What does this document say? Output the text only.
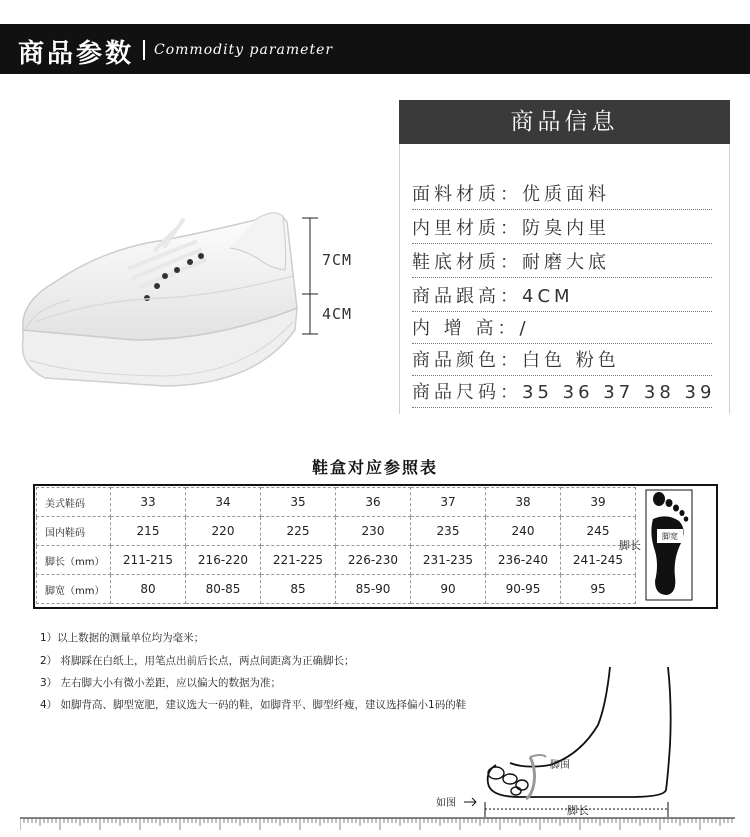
商品参数 Commodity parameter
7CM
4CM
商品信息
面料材质：优质面料
内里材质：防臭内里
鞋底材质：耐磨大底
商品跟高：4CM
内 增 高：/
商品颜色：白色 粉色
商品尺码：35 36 37 38 39
鞋盒对应参照表
美式鞋码	33	34	35	36	37	38	39
国内鞋码	215	220	225	230	235	240	245
脚长（mm）	211-215	216-220	221-225	226-230	231-235	236-240	241-245
脚宽（mm）	80	80-85	85	85-90	90	90-95	95
脚长
脚宽
1）以上数据的测量单位均为毫米；
2） 将脚踩在白纸上，用笔点出前后长点，两点间距离为正确脚长；
3） 左右脚大小有微小差距，应以偏大的数据为准；
4） 如脚背高、脚型宽肥，建议选大一码的鞋，如脚背平、脚型纤瘦，建议选择偏小1码的鞋
脚围
脚长
如图
